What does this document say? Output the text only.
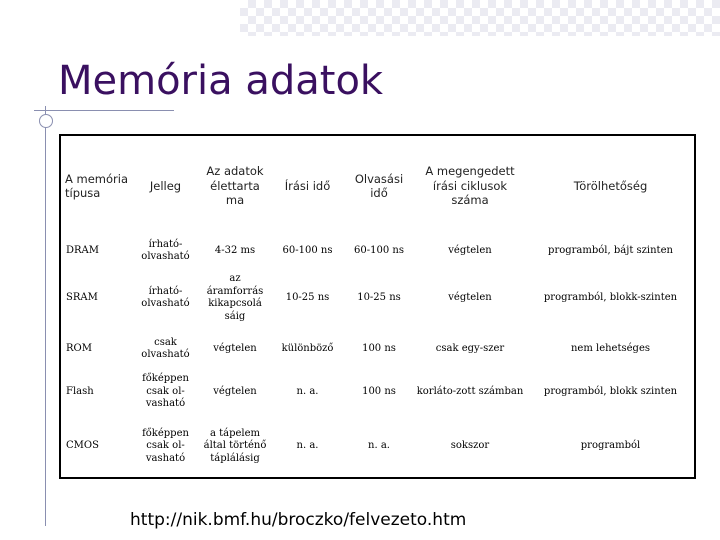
Memória adatok
A memória típusa	Jelleg	Az adatok élettarta ma	Írási idő	Olvasási idő	A megengedett írási ciklusok száma	Törölhetőség
DRAM	írható-olvasható	4-32 ms	60-100 ns	60-100 ns	végtelen	programból, bájt szinten
SRAM	írható-olvasható	az áramforrás kikapcsolá sáig	10-25 ns	10-25 ns	végtelen	programból, blokk-szinten
ROM	csak olvasható	végtelen	különböző	100 ns	csak egy-szer	nem lehetséges
Flash	főképpen csak ol-vasható	végtelen	n. a.	100 ns	korláto-zott számban	programból, blokk szinten
CMOS	főképpen csak ol-vasható	a tápelem által történő táplálásig	n. a.	n. a.	sokszor	programból
http://nik.bmf.hu/broczko/felvezeto.htm
